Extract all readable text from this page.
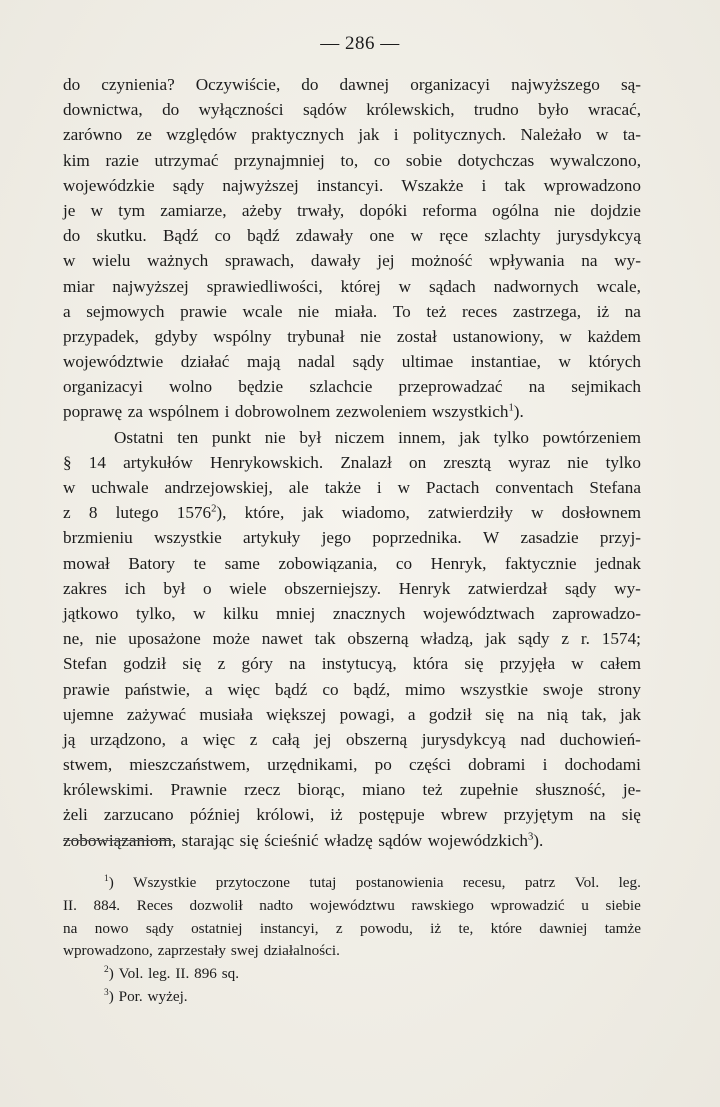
— 286 —
do czynienia? Oczywiście, do dawnej organizacyi najwyższego są-
downictwa, do wyłączności sądów królewskich, trudno było wracać,
zarówno ze względów praktycznych jak i politycznych. Należało w ta-
kim razie utrzymać przynajmniej to, co sobie dotychczas wywalczono,
wojewódzkie sądy najwyższej instancyi. Wszakże i tak wprowadzono
je w tym zamiarze, ażeby trwały, dopóki reforma ogólna nie dojdzie
do skutku. Bądź co bądź zdawały one w ręce szlachty jurysdykcyą
w wielu ważnych sprawach, dawały jej możność wpływania na wy-
miar najwyższej sprawiedliwości, której w sądach nadwornych wcale,
a sejmowych prawie wcale nie miała. To też reces zastrzega, iż na
przypadek, gdyby wspólny trybunał nie został ustanowiony, w każdem
województwie działać mają nadal sądy ultimae instantiae, w których
organizacyi wolno będzie szlachcie przeprowadzać na sejmikach
poprawę za wspólnem i dobrowolnem zezwoleniem wszystkich$^1$).
Ostatni ten punkt nie był niczem innem, jak tylko powtórzeniem
§ 14 artykułów Henrykowskich. Znalazł on zresztą wyraz nie tylko
w uchwale andrzejowskiej, ale także i w Pactach conventach Stefana
z 8 lutego 1576$^2$), które, jak wiadomo, zatwierdziły w dosłownem
brzmieniu wszystkie artykuły jego poprzednika. W zasadzie przyj-
mował Batory te same zobowiązania, co Henryk, faktycznie jednak
zakres ich był o wiele obszerniejszy. Henryk zatwierdzał sądy wy-
jątkowo tylko, w kilku mniej znacznych województwach zaprowadzo-
ne, nie uposażone może nawet tak obszerną władzą, jak sądy z r. 1574;
Stefan godził się z góry na instytucyą, która się przyjęła w całem
prawie państwie, a więc bądź co bądź, mimo wszystkie swoje strony
ujemne zażywać musiała większej powagi, a godził się na nią tak, jak
ją urządzono, a więc z całą jej obszerną jurysdykcyą nad duchowień-
stwem, mieszczaństwem, urzędnikami, po części dobrami i dochodami
królewskimi. Prawnie rzecz biorąc, miano też zupełnie słuszność, je-
żeli zarzucano później królowi, iż postępuje wbrew przyjętym na się
zobowiązaniom, starając się ścieśnić władzę sądów wojewódzkich$^3$).
$^1$) Wszystkie przytoczone tutaj postanowienia recesu, patrz Vol. leg.
II. 884. Reces dozwolił nadto województwu rawskiego wprowadzić u siebie
na nowo sądy ostatniej instancyi, z powodu, iż te, które dawniej tamże
wprowadzono, zaprzestały swej działalności.
$^2$) Vol. leg. II. 896 sq.
$^3$) Por. wyżej.
